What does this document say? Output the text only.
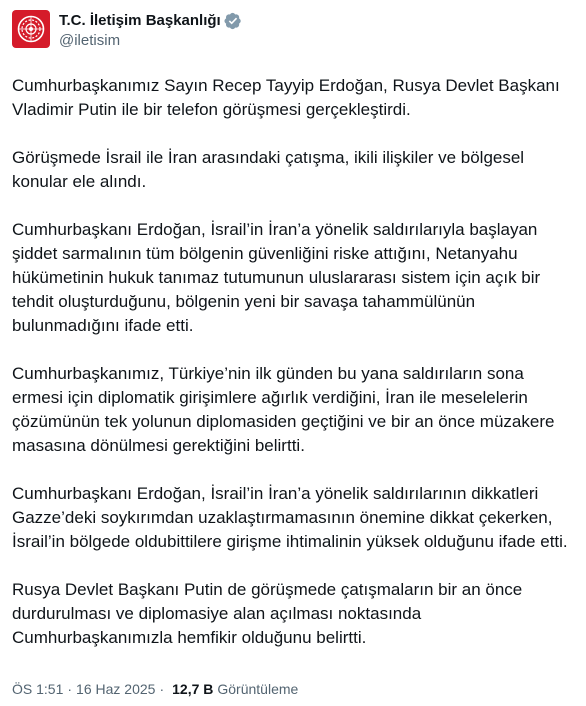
T.C. İletişim Başkanlığı
@iletisim

Cumhurbaşkanımız Sayın Recep Tayyip Erdoğan, Rusya Devlet Başkanı Vladimir Putin ile bir telefon görüşmesi gerçekleştirdi.

Görüşmede İsrail ile İran arasındaki çatışma, ikili ilişkiler ve bölgesel konular ele alındı.

Cumhurbaşkanı Erdoğan, İsrail’in İran’a yönelik saldırılarıyla başlayan şiddet sarmalının tüm bölgenin güvenliğini riske attığını, Netanyahu hükümetinin hukuk tanımaz tutumunun uluslararası sistem için açık bir tehdit oluşturduğunu, bölgenin yeni bir savaşa tahammülünün bulunmadığını ifade etti.

Cumhurbaşkanımız, Türkiye’nin ilk günden bu yana saldırıların sona ermesi için diplomatik girişimlere ağırlık verdiğini, İran ile meselelerin çözümünün tek yolunun diplomasiden geçtiğini ve bir an önce müzakere masasına dönülmesi gerektiğini belirtti.

Cumhurbaşkanı Erdoğan, İsrail’in İran’a yönelik saldırılarının dikkatleri Gazze’deki soykırımdan uzaklaştırmamasının önemine dikkat çekerken, İsrail’in bölgede oldubittilere girişme ihtimalinin yüksek olduğunu ifade etti.

Rusya Devlet Başkanı Putin de görüşmede çatışmaların bir an önce durdurulması ve diplomasiye alan açılması noktasında Cumhurbaşkanımızla hemfikir olduğunu belirtti.

ÖS 1:51 · 16 Haz 2025 · 12,7 B Görüntüleme
